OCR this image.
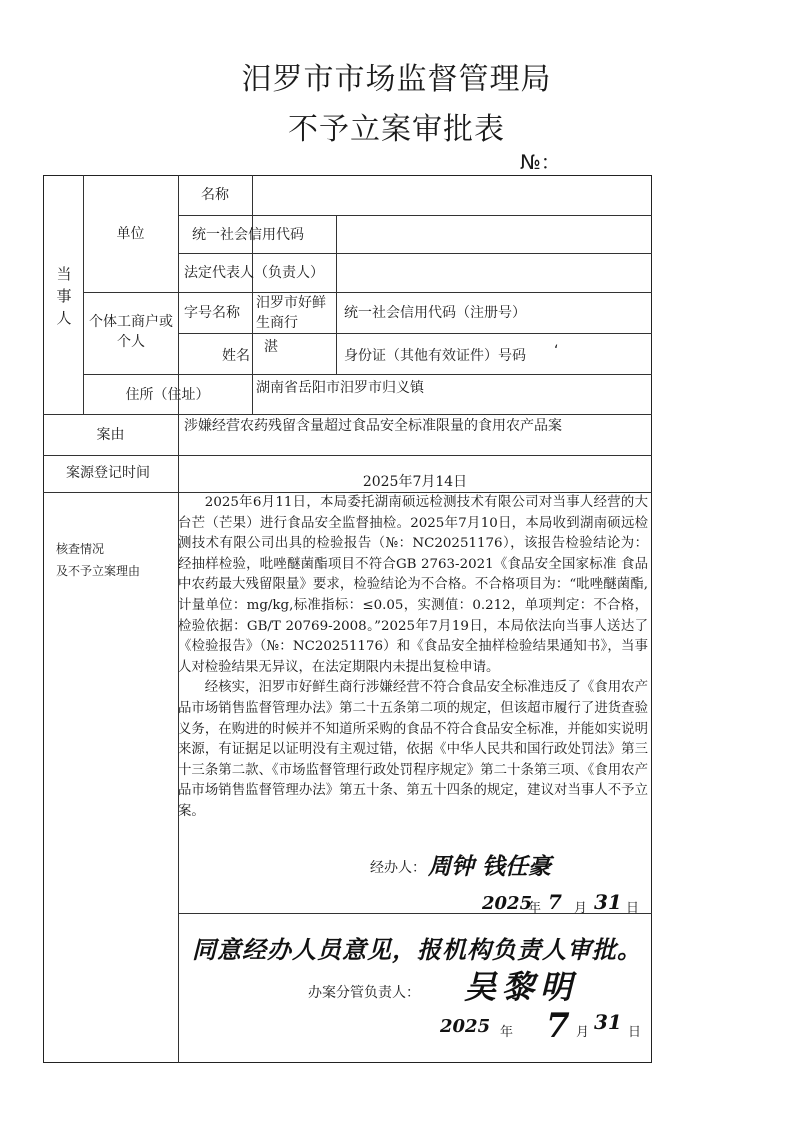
汨罗市市场监督管理局
不予立案审批表
№：
当事人
单位
名称
统一社会信用代码
法定代表人（负责人）
个体工商户或个人
字号名称
汨罗市好鲜生商行
统一社会信用代码（注册号）
姓名
湛
身份证（其他有效证件）号码	‘
住所（住址）	湖南省岳阳市汨罗市归义镇
案由
涉嫌经营农药残留含量超过食品安全标准限量的食用农产品案
案源登记时间
2025年7月14日
核查情况
及不予立案理由

2025年6月11日，本局委托湖南硕远检测技术有限公司对当事人经营的大台芒（芒果）进行食品安全监督抽检。2025年7月10日，本局收到湖南硕远检测技术有限公司出具的检验报告（№：NC20251176），该报告检验结论为：经抽样检验，吡唑醚菌酯项目不符合GB 2763-2021《食品安全国家标准 食品中农药最大残留限量》要求，检验结论为不合格。不合格项目为：“吡唑醚菌酯,计量单位：mg/kg,标准指标：≤0.05，实测值：0.212，单项判定：不合格，检验依据：GB/T 20769-2008。”2025年7月19日，本局依法向当事人送达了《检验报告》（№：NC20251176）和《食品安全抽样检验结果通知书》，当事人对检验结果无异议，在法定期限内未提出复检申请。

经核实，汨罗市好鲜生商行涉嫌经营不符合食品安全标准违反了《食用农产品市场销售监督管理办法》第二十五条第二项的规定，但该超市履行了进货查验义务，在购进的时候并不知道所采购的食品不符合食品安全标准，并能如实说明来源，有证据足以证明没有主观过错，依据《中华人民共和国行政处罚法》第三十三条第二款、《市场监督管理行政处罚程序规定》第二十条第三项、《食用农产品市场销售监督管理办法》第五十条、第五十四条的规定，建议对当事人不予立案。

经办人： 周钟 钱任豪
2025
年 7 月 31 日
同意经办人员意见，报机构负责人审批。
办案分管负责人： 吴黎明
2025 年 7 月 31 日
